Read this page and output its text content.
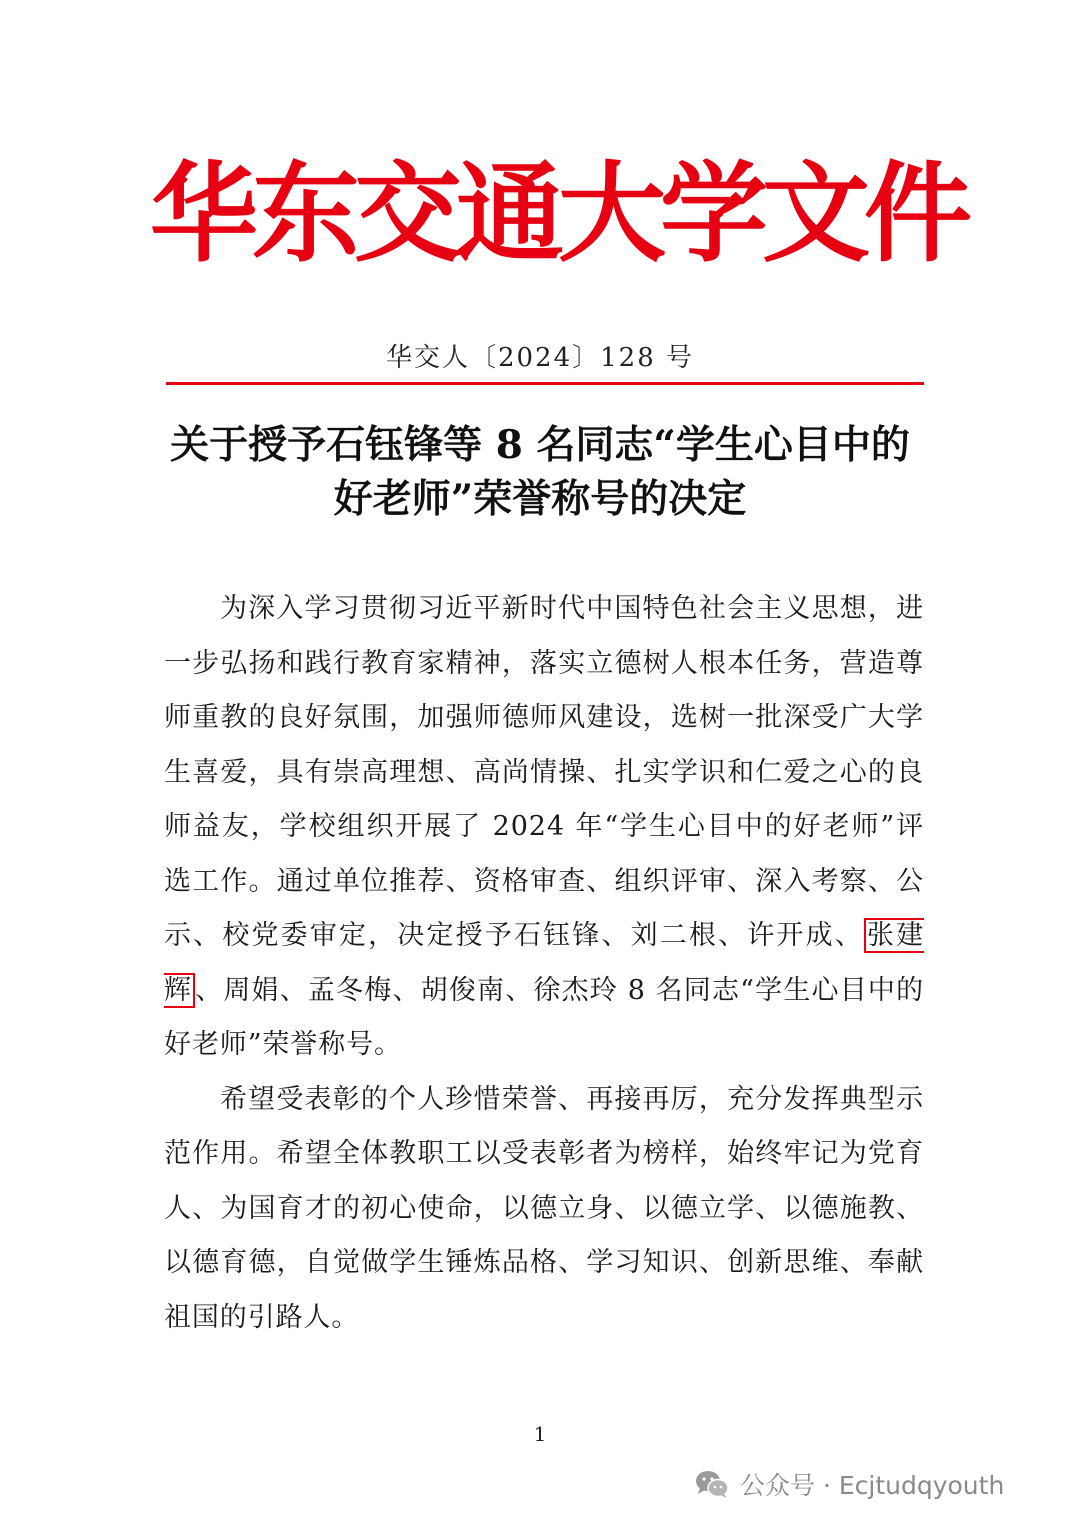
华东交通大学文件
华交人〔2024〕128 号
关于授予石钰锋等 8 名同志“学生心目中的
好老师”荣誉称号的决定

为深入学习贯彻习近平新时代中国特色社会主义思想，进一步弘扬和践行教育家精神，落实立德树人根本任务，营造尊师重教的良好氛围，加强师德师风建设，选树一批深受广大学生喜爱，具有崇高理想、高尚情操、扎实学识和仁爱之心的良师益友，学校组织开展了 2024 年“学生心目中的好老师”评选工作。通过单位推荐、资格审查、组织评审、深入考察、公示、校党委审定，决定授予石钰锋、刘二根、许开成、 张建辉 、周娟、孟冬梅、胡俊南、徐杰玲 8 名同志“学生心目中的好老师”荣誉称号。

希望受表彰的个人珍惜荣誉、再接再厉，充分发挥典型示范作用。希望全体教职工以受表彰者为榜样，始终牢记为党育人、为国育才的初心使命，以德立身、以德立学、以德施教、以德育德，自觉做学生锤炼品格、学习知识、创新思维、奉献祖国的引路人。

1
公众号 · Ecjtudqyouth
